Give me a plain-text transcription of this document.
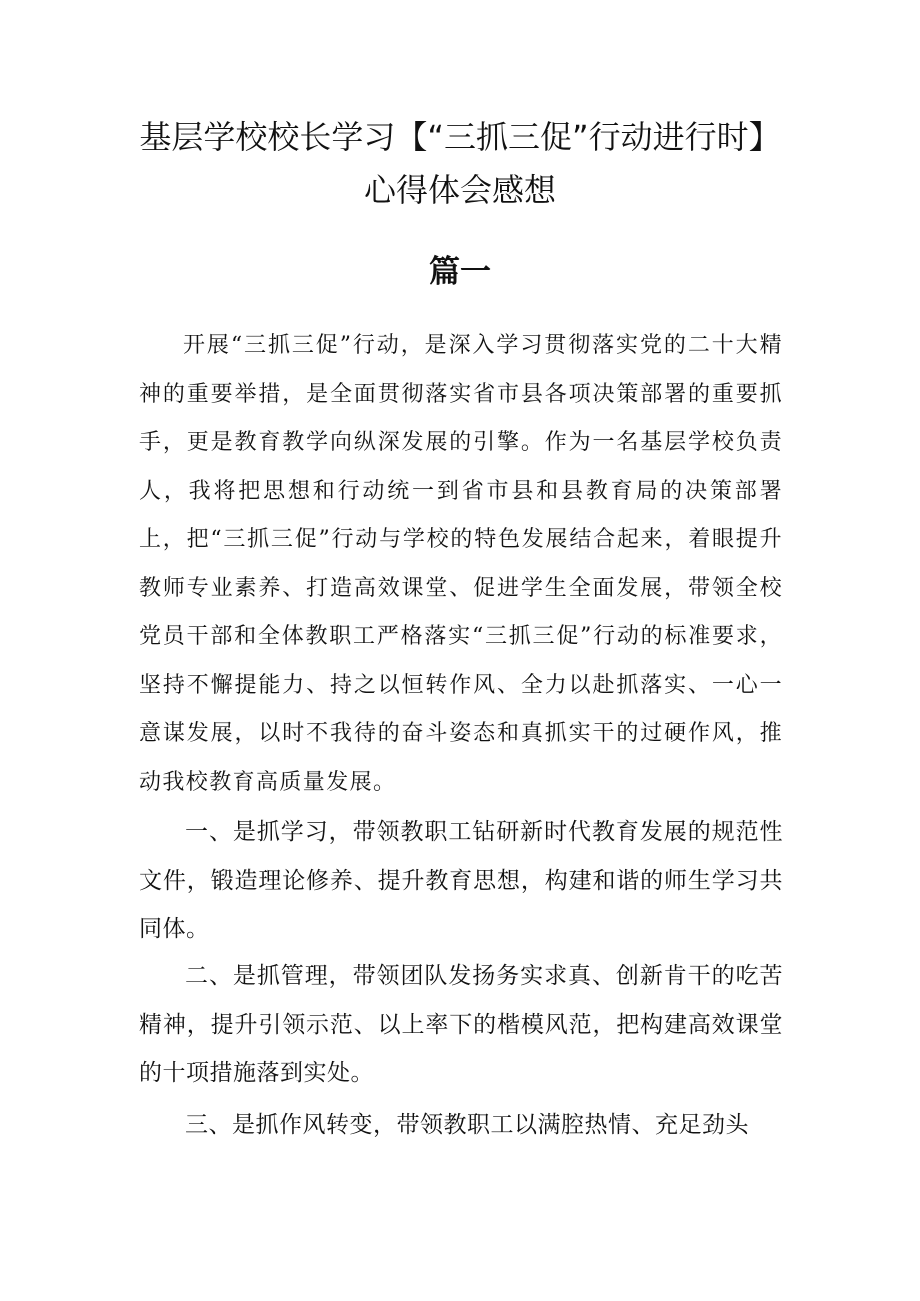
基层学校校长学习【“三抓三促”行动进行时】
心得体会感想
篇一

开展“三抓三促”行动，是深入学习贯彻落实党的二十大精神的重要举措，是全面贯彻落实省市县各项决策部署的重要抓手，更是教育教学向纵深发展的引擎。作为一名基层学校负责人，我将把思想和行动统一到省市县和县教育局的决策部署上，把“三抓三促”行动与学校的特色发展结合起来，着眼提升教师专业素养、打造高效课堂、促进学生全面发展，带领全校党员干部和全体教职工严格落实“三抓三促”行动的标准要求，坚持不懈提能力、持之以恒转作风、全力以赴抓落实、一心一意谋发展，以时不我待的奋斗姿态和真抓实干的过硬作风，推动我校教育高质量发展。

一、是抓学习，带领教职工钻研新时代教育发展的规范性文件，锻造理论修养、提升教育思想，构建和谐的师生学习共同体。

二、是抓管理，带领团队发扬务实求真、创新肯干的吃苦精神，提升引领示范、以上率下的楷模风范，把构建高效课堂的十项措施落到实处。

三、是抓作风转变，带领教职工以满腔热情、充足劲头
